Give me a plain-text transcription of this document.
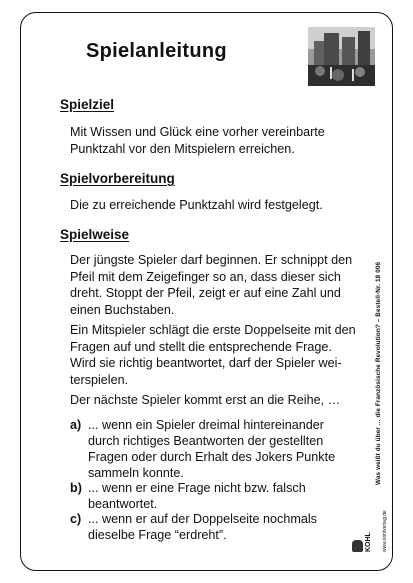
Spielanleitung
Spielziel
Mit Wissen und Glück eine vorher vereinbarte
Punktzahl vor den Mitspielern erreichen.
Spielvorbereitung
Die zu erreichende Punktzahl wird festgelegt.
Spielweise
Der jüngste Spieler darf beginnen. Er schnippt den
Pfeil mit dem Zeigefinger so an, dass dieser sich
dreht. Stoppt der Pfeil, zeigt er auf eine Zahl und
einen Buchstaben.
Ein Mitspieler schlägt die erste Doppelseite mit den
Fragen auf und stellt die entsprechende Frage.
Wird sie richtig beantwortet, darf der Spieler wei-
terspielen.
Der nächste Spieler kommt erst an die Reihe, …
a) ... wenn ein Spieler dreimal hintereinander
durch richtiges Beantworten der gestellten
Fragen oder durch Erhalt des Jokers Punkte
sammeln konnte.
b) ... wenn er eine Frage nicht bzw. falsch
beantwortet.
c) ... wenn er auf der Doppelseite nochmals
dieselbe Frage “erdreht”.
Was weißt du über ... die Französische Revolution? – Bestell-Nr. 18 006
KOHL www.kohlverlag.de
